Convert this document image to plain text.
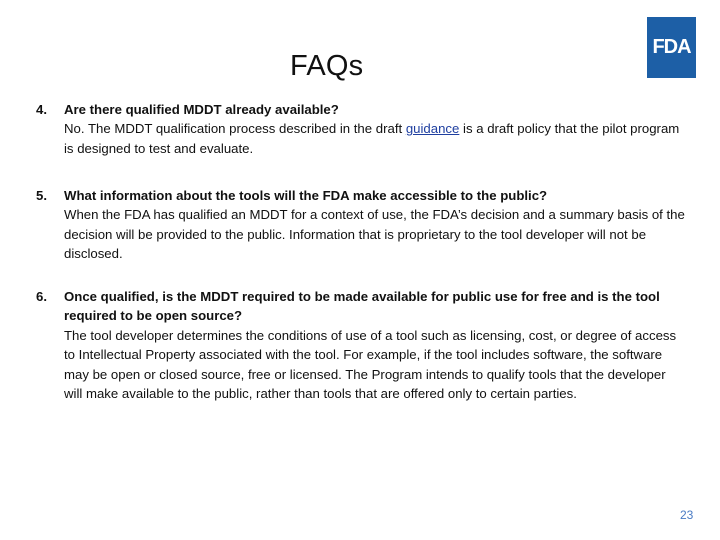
FAQs
FDA
4. Are there qualified MDDT already available?
No. The MDDT qualification process described in the draft guidance is a draft policy that the pilot program is designed to test and evaluate.
5. What information about the tools will the FDA make accessible to the public?
When the FDA has qualified an MDDT for a context of use, the FDA’s decision and a summary basis of the decision will be provided to the public. Information that is proprietary to the tool developer will not be disclosed.
6. Once qualified, is the MDDT required to be made available for public use for free and is the tool required to be open source?
The tool developer determines the conditions of use of a tool such as licensing, cost, or degree of access to Intellectual Property associated with the tool. For example, if the tool includes software, the software may be open or closed source, free or licensed. The Program intends to qualify tools that the developer will make available to the public, rather than tools that are offered only to certain parties.
23
